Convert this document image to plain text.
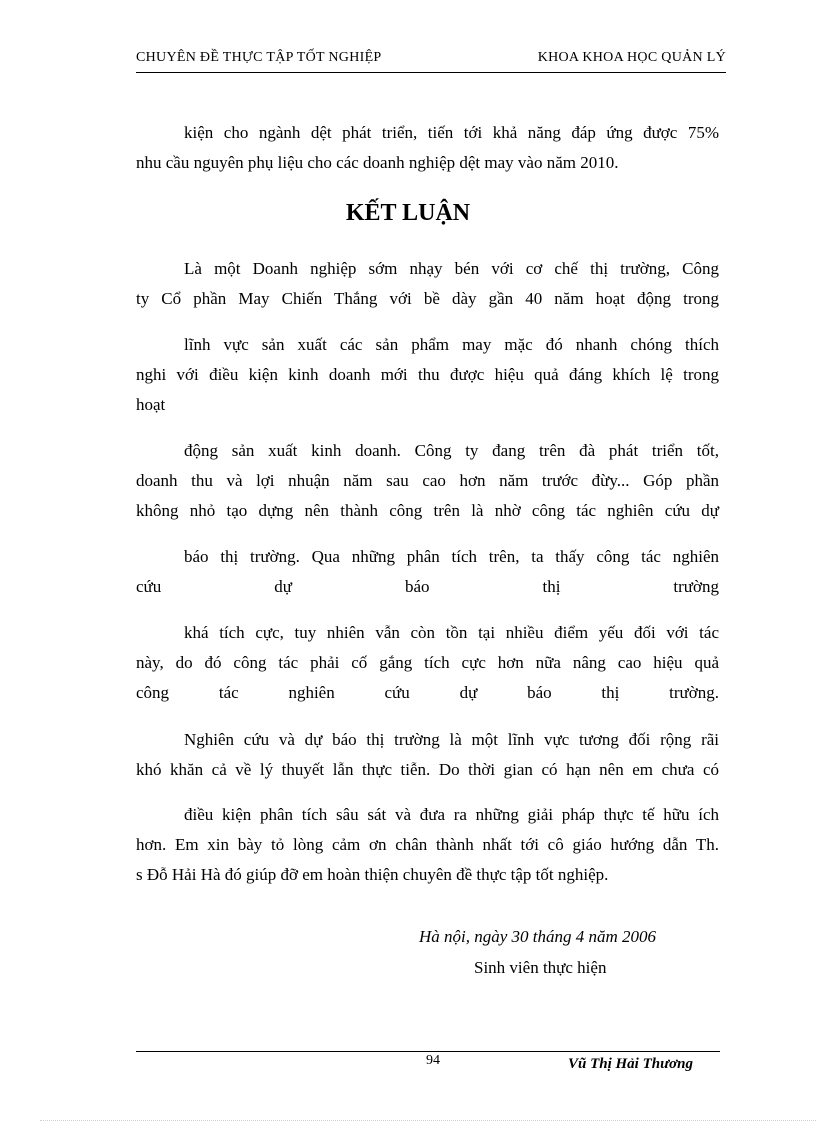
CHUYÊN ĐỀ THỰC TẬP TỐT NGHIỆP	KHOA KHOA HỌC QUẢN LÝ
kiện cho ngành dệt phát triển, tiến tới khả năng đáp ứng được 75%
nhu cầu nguyên phụ liệu cho các doanh nghiệp dệt may vào năm 2010.
KẾT LUẬN
Là một Doanh nghiệp sớm nhạy bén với cơ chế thị trường, Công
ty Cổ phần May Chiến Thắng với bề dày gần 40 năm hoạt động trong
lĩnh vực sản xuất các sản phẩm may mặc đó nhanh chóng thích
nghi với điều kiện kinh doanh mới thu được hiệu quả đáng khích lệ trong
hoạt
động sản xuất kinh doanh. Công ty đang trên đà phát triển tốt,
doanh thu và lợi nhuận năm sau cao hơn năm trước đừy... Góp phần
không nhỏ tạo dựng nên thành công trên là nhờ công tác nghiên cứu dự
báo thị trường. Qua những phân tích trên, ta thấy công tác nghiên
cứu dự báo thị trường
khá tích cực, tuy nhiên vẫn còn tồn tại nhiều điểm yếu đối với tác
này, do đó công tác phải cố gắng tích cực hơn nữa nâng cao hiệu quả
công tác nghiên cứu dự báo thị trường.
Nghiên cứu và dự báo thị trường là một lĩnh vực tương đối rộng rãi
khó khăn cả về lý thuyết lẫn thực tiễn. Do thời gian có hạn nên em chưa có
điều kiện phân tích sâu sát và đưa ra những giải pháp thực tế hữu ích
hơn. Em xin bày tỏ lòng cảm ơn chân thành nhất tới cô giáo hướng dẫn Th.
s Đỗ Hải Hà đó giúp đỡ em hoàn thiện chuyên đề thực tập tốt nghiệp.
Hà nội, ngày 30 tháng 4 năm 2006
Sinh viên thực hiện
94	Vũ Thị Hải Thương
